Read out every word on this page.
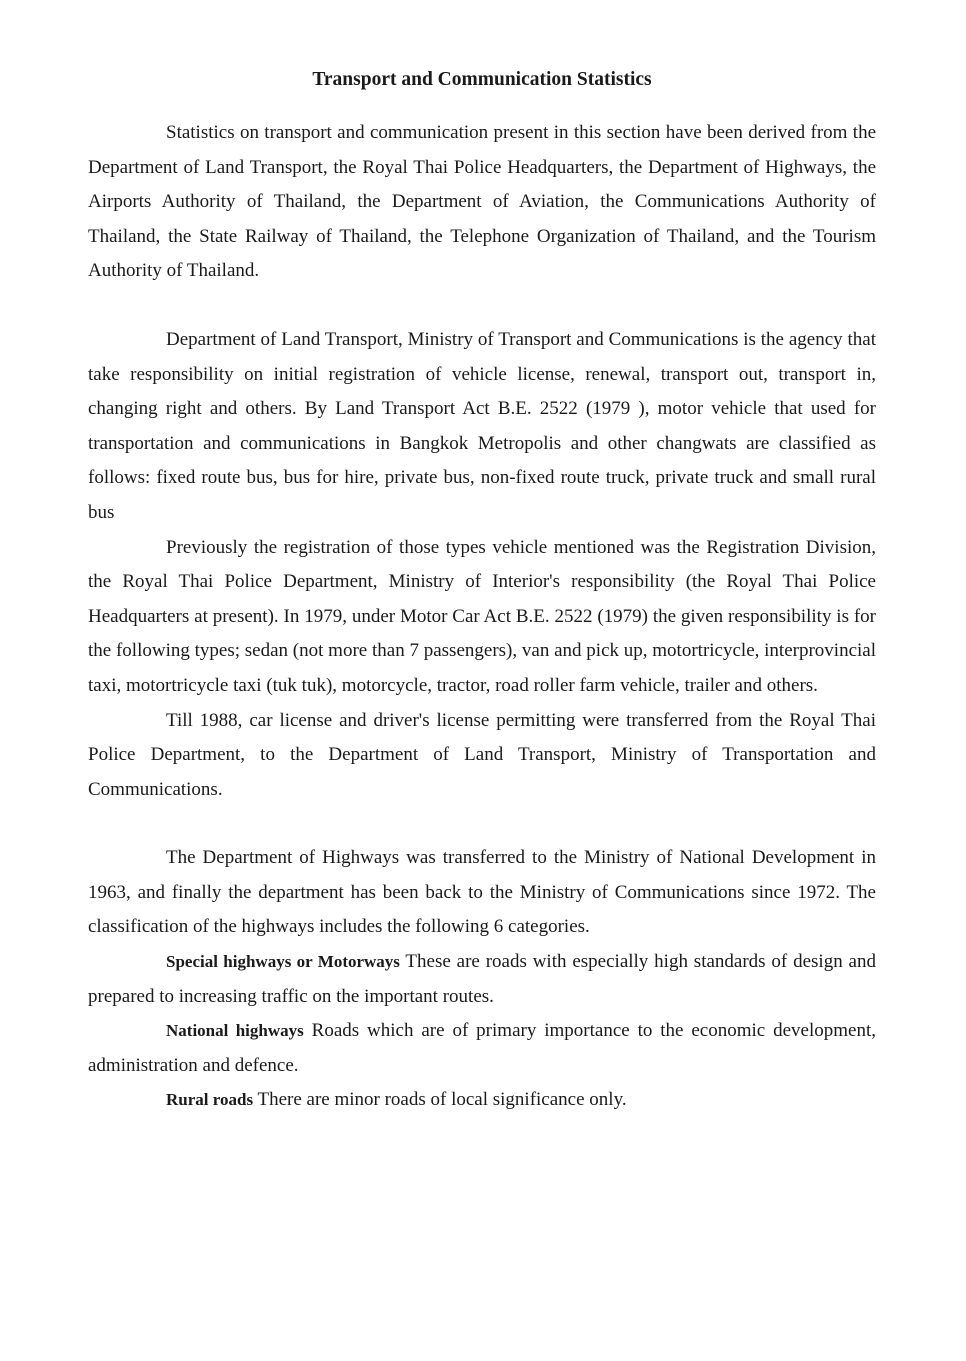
Transport and Communication Statistics

Statistics on transport and communication present in this section have been derived from the Department of Land Transport, the Royal Thai Police Headquarters, the Department of Highways, the Airports Authority of Thailand, the Department of Aviation, the Communications Authority of Thailand, the State Railway of Thailand, the Telephone Organization of Thailand, and the Tourism Authority of Thailand.

Department of Land Transport, Ministry of Transport and Communications is the agency that take responsibility on initial registration of vehicle license, renewal, transport out, transport in, changing right and others. By Land Transport Act B.E. 2522 (1979 ), motor vehicle that used for transportation and communications in Bangkok Metropolis and other changwats are classified as follows: fixed route bus, bus for hire, private bus, non-fixed route truck, private truck and small rural bus

Previously the registration of those types vehicle mentioned was the Registration Division, the Royal Thai Police Department, Ministry of Interior's responsibility (the Royal Thai Police Headquarters at present). In 1979, under Motor Car Act B.E. 2522 (1979) the given responsibility is for the following types; sedan (not more than 7 passengers), van and pick up, motortricycle, interprovincial taxi, motortricycle taxi (tuk tuk), motorcycle, tractor, road roller farm vehicle, trailer and others.

Till 1988, car license and driver's license permitting were transferred from the Royal Thai Police Department, to the Department of Land Transport, Ministry of Transportation and Communications.

The Department of Highways was transferred to the Ministry of National Development in 1963, and finally the department has been back to the Ministry of Communications since 1972. The classification of the highways includes the following 6 categories.

Special highways or Motorways These are roads with especially high standards of design and prepared to increasing traffic on the important routes.

National highways Roads which are of primary importance to the economic development, administration and defence.

Rural roads There are minor roads of local significance only.
